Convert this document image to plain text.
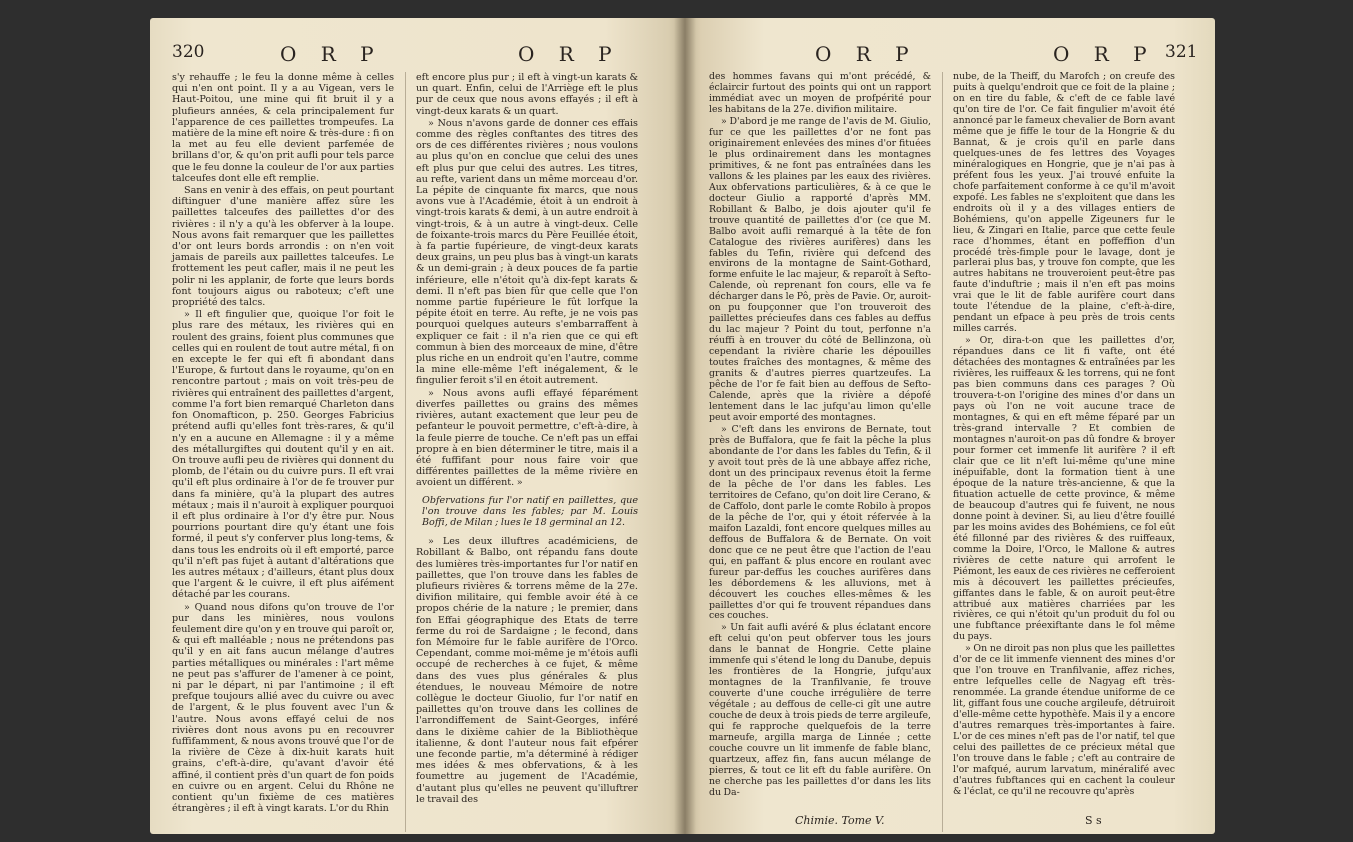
320	O R P	O R P

s'y rehauffe ; le feu la donne même à celles qui n'en ont point. Il y a au Vigean, vers le Haut-Poitou, une mine qui fit bruit il y a plufieurs années, & cela principalement fur l'apparence de ces paillettes trompeufes. La matière de la mine eft noire & très-dure : fi on la met au feu elle devient parfemée de brillans d'or, & qu'on prit aufli pour tels parce que le feu donne la couleur de l'or aux parties talceufes dont elle eft remplie.

Sans en venir à des effais, on peut pourtant diftinguer d'une manière affez sûre les paillettes talceufes des paillettes d'or des rivières : il n'y a qu'à les obferver à la loupe. Nous avons fait remarquer que les paillettes d'or ont leurs bords arrondis : on n'en voit jamais de pareils aux paillettes talceufes. Le frottement les peut cafler, mais il ne peut les polir ni les applanir, de forte que leurs bords font toujours aigus ou raboteux; c'eft une propriété des talcs.

» Il eft fingulier que, quoique l'or foit le plus rare des métaux, les rivières qui en roulent des grains, foient plus communes que celles qui en roulent de tout autre métal, fi on en excepte le fer qui eft fi abondant dans l'Europe, & furtout dans le royaume, qu'on en rencontre partout ; mais on voit très-peu de rivières qui entraînent des paillettes d'argent, comme l'a fort bien remarqué Charleton dans fon Onomafticon, p. 250. Georges Fabricius prétend aufli qu'elles font très-rares, & qu'il n'y en a aucune en Allemagne : il y a même des métallurgiftes qui doutent qu'il y en ait. On trouve aufli peu de rivières qui donnent du plomb, de l'étain ou du cuivre purs. Il eft vrai qu'il eft plus ordinaire à l'or de fe trouver pur dans fa minière, qu'à la plupart des autres métaux ; mais il n'auroit à expliquer pourquoi il eft plus ordinaire à l'or d'y être pur. Nous pourrions pourtant dire qu'y étant une fois formé, il peut s'y conferver plus long-tems, & dans tous les endroits où il eft emporté, parce qu'il n'eft pas fujet à autant d'altérations que les autres métaux ; d'ailleurs, étant plus doux que l'argent & le cuivre, il eft plus aifément détaché par les courans.

» Quand nous difons qu'on trouve de l'or pur dans les minières, nous voulons feulement dire qu'on y en trouve qui paroît or, & qui eft malléable ; nous ne prétendons pas qu'il y en ait fans aucun mélange d'autres parties métalliques ou minérales : l'art même ne peut pas s'affurer de l'amener à ce point, ni par le départ, ni par l'antimoine ; il eft prefque toujours allié avec du cuivre ou avec de l'argent, & le plus fouvent avec l'un & l'autre. Nous avons effayé celui de nos rivières dont nous avons pu en recouvrer fuffifamment, & nous avons trouvé que l'or de la rivière de Cèze à dix-huit karats huit grains, c'eft-à-dire, qu'avant d'avoir été affiné, il contient près d'un quart de fon poids en cuivre ou en argent. Celui du Rhône ne contient qu'un fixième de ces matières étrangères ; il eft à vingt karats. L'or du Rhin

eft encore plus pur ; il eft à vingt-un karats & un quart. Enfin, celui de l'Arriège eft le plus pur de ceux que nous avons effayés ; il eft à vingt-deux karats & un quart.

» Nous n'avons garde de donner ces effais comme des règles conftantes des titres des ors de ces différentes rivières ; nous voulons au plus qu'on en conclue que celui des unes eft plus pur que celui des autres. Les titres, au refte, varient dans un même morceau d'or. La pépite de cinquante fix marcs, que nous avons vue à l'Académie, étoit à un endroit à vingt-trois karats & demi, à un autre endroit à vingt-trois, & à un autre à vingt-deux. Celle de foixante-trois marcs du Père Feuillée étoit, à fa partie fupérieure, de vingt-deux karats deux grains, un peu plus bas à vingt-un karats & un demi-grain ; à deux pouces de fa partie inférieure, elle n'étoit qu'à dix-fept karats & demi. Il n'eft pas bien fûr que celle que l'on nomme partie fupérieure le fût lorfque la pépite étoit en terre. Au refte, je ne vois pas pourquoi quelques auteurs s'embarraffent à expliquer ce fait : il n'a rien que ce qui eft commun à bien des morceaux de mine, d'être plus riche en un endroit qu'en l'autre, comme la mine elle-même l'eft inégalement, & le fingulier feroit s'il en étoit autrement.

» Nous avons aufli effayé féparément diverfes paillettes ou grains des mêmes rivières, autant exactement que leur peu de pefanteur le pouvoit permettre, c'eft-à-dire, à la feule pierre de touche. Ce n'eft pas un effai propre à en bien déterminer le titre, mais il a été fuffifant pour nous faire voir que différentes paillettes de la même rivière en avoient un différent. »

Obfervations fur l'or natif en paillettes, que l'on trouve dans les fables; par M. Louis Boffi, de Milan ; lues le 18 germinal an 12.

» Les deux illuftres académiciens, de Robillant & Balbo, ont répandu fans doute des lumières très-importantes fur l'or natif en paillettes, que l'on trouve dans les fables de plufieurs rivières & torrens même de la 27e. divifion militaire, qui femble avoir été à ce propos chérie de la nature ; le premier, dans fon Effai géographique des Etats de terre ferme du roi de Sardaigne ; le fecond, dans fon Mémoire fur le fable aurifère de l'Orco. Cependant, comme moi-même je m'étois aufli occupé de recherches à ce fujet, & même dans des vues plus générales & plus étendues, le nouveau Mémoire de notre collègue le docteur Giuolio, fur l'or natif en paillettes qu'on trouve dans les collines de l'arrondiffement de Saint-Georges, inféré dans le dixième cahier de la Bibliothèque italienne, & dont l'auteur nous fait efpérer une feconde partie, m'a déterminé à rédiger mes idées & mes obfervations, & à les foumettre au jugement de l'Académie, d'autant plus qu'elles ne peuvent qu'illuftrer le travail des

O R P	O R P 321

des hommes favans qui m'ont précédé, & éclaircir furtout des points qui ont un rapport immédiat avec un moyen de profpérité pour les habitans de la 27e. divifion militaire.

» D'abord je me range de l'avis de M. Giulio, fur ce que les paillettes d'or ne font pas originairement enlevées des mines d'or fituées le plus ordinairement dans les montagnes primitives, & ne font pas entraînées dans les vallons & les plaines par les eaux des rivières. Aux obfervations particulières, & à ce que le docteur Giulio a rapporté d'après MM. Robillant & Balbo, je dois ajouter qu'il fe trouve quantité de paillettes d'or (ce que M. Balbo avoit aufli remarqué à la tête de fon Catalogue des rivières aurifères) dans les fables du Tefin, rivière qui defcend des environs de la montagne de Saint-Gothard, forme enfuite le lac majeur, & reparoît à Sefto-Calende, où reprenant fon cours, elle va fe décharger dans le Pô, près de Pavie. Or, auroit-on pu foupçonner que l'on trouveroit des paillettes précieufes dans ces fables au deffus du lac majeur ? Point du tout, perfonne n'a réuffi à en trouver du côté de Bellinzona, où cependant la rivière charie les dépouilles toutes fraîches des montagnes, & même des granits & d'autres pierres quartzeufes. La pêche de l'or fe fait bien au deffous de Sefto-Calende, après que la rivière a dépofé lentement dans le lac jufqu'au limon qu'elle peut avoir emporté des montagnes.

» C'eft dans les environs de Bernate, tout près de Buffalora, que fe fait la pêche la plus abondante de l'or dans les fables du Tefin, & il y avoit tout près de là une abbaye affez riche, dont un des principaux revenus étoit la ferme de la pêche de l'or dans les fables. Les territoires de Cefano, qu'on doit lire Cerano, & de Caffolo, dont parle le comte Robilo à propos de la pêche de l'or, qui y étoit réfervée à la maifon Lazaldi, font encore quelques milles au deffous de Buffalora & de Bernate. On voit donc que ce ne peut être que l'action de l'eau qui, en paffant & plus encore en roulant avec fureur par-deffus les couches aurifères dans les débordemens & les alluvions, met à découvert les couches elles-mêmes & les paillettes d'or qui fe trouvent répandues dans ces couches.

» Un fait aufli avéré & plus éclatant encore eft celui qu'on peut obferver tous les jours dans le bannat de Hongrie. Cette plaine immenfe qui s'étend le long du Danube, depuis les frontières de la Hongrie, jufqu'aux montagnes de la Tranfilvanie, fe trouve couverte d'une couche irrégulière de terre végétale ; au deffous de celle-ci gît une autre couche de deux à trois pieds de terre argileufe, qui fe rapproche quelquefois de la terre marneufe, argilla marga de Linnée ; cette couche couvre un lit immenfe de fable blanc, quartzeux, affez fin, fans aucun mélange de pierres, & tout ce lit eft du fable aurifère. On ne cherche pas les paillettes d'or dans les lits du Da-

nube, de la Theiff, du Marofch ; on creufe des puits à quelqu'endroit que ce foit de la plaine ; on en tire du fable, & c'eft de ce fable lavé qu'on tire de l'or. Ce fait fingulier m'avoit été annoncé par le fameux chevalier de Born avant même que je fiffe le tour de la Hongrie & du Bannat, & je crois qu'il en parle dans quelques-unes de fes lettres des Voyages minéralogiques en Hongrie, que je n'ai pas à préfent fous les yeux. J'ai trouvé enfuite la chofe parfaitement conforme à ce qu'il m'avoit expofé. Les fables ne s'exploitent que dans les endroits où il y a des villages entiers de Bohémiens, qu'on appelle Zigeuners fur le lieu, & Zingari en Italie, parce que cette feule race d'hommes, étant en poffeffion d'un procédé très-fimple pour le lavage, dont je parlerai plus bas, y trouve fon compte, que les autres habitans ne trouveroient peut-être pas faute d'induftrie ; mais il n'en eft pas moins vrai que le lit de fable aurifère court dans toute l'étendue de la plaine, c'eft-à-dire, pendant un efpace à peu près de trois cents milles carrés.

» Or, dira-t-on que les paillettes d'or, répandues dans ce lit fi vafte, ont été détachées des montagnes & entraînées par les rivières, les ruiffeaux & les torrens, qui ne font pas bien communs dans ces parages ? Où trouvera-t-on l'origine des mines d'or dans un pays où l'on ne voit aucune trace de montagnes, & qui en eft même féparé par un très-grand intervalle ? Et combien de montagnes n'auroit-on pas dû fondre & broyer pour former cet immenfe lit aurifère ? il eft clair que ce lit n'eft lui-même qu'une mine inépuifable, dont la formation tient à une époque de la nature très-ancienne, & que la fituation actuelle de cette province, & même de beaucoup d'autres qui fe fuivent, ne nous donne point à deviner. Si, au lieu d'être fouillé par les moins avides des Bohémiens, ce fol eût été fillonné par des rivières & des ruiffeaux, comme la Doire, l'Orco, le Mallone & autres rivières de cette nature qui arrofent le Piémont, les eaux de ces rivières ne cefferoient mis à découvert les paillettes précieufes, giffantes dans le fable, & on auroit peut-être attribué aux matières charriées par les rivières, ce qui n'étoit qu'un produit du fol ou une fubftance préexiftante dans le fol même du pays.

» On ne diroit pas non plus que les paillettes d'or de ce lit immenfe viennent des mines d'or que l'on trouve en Tranfilvanie, affez riches, entre lefquelles celle de Nagyag eft très-renommée. La grande étendue uniforme de ce lit, giffant fous une couche argileufe, détruiroit d'elle-même cette hypothèfe. Mais il y a encore d'autres remarques très-importantes à faire. L'or de ces mines n'eft pas de l'or natif, tel que celui des paillettes de ce précieux métal que l'on trouve dans le fable ; c'eft au contraire de l'or mafqué, aurum larvatum, minéralifé avec d'autres fubftances qui en cachent la couleur & l'éclat, ce qu'il ne recouvre qu'après

Chimie. Tome V.	S s
